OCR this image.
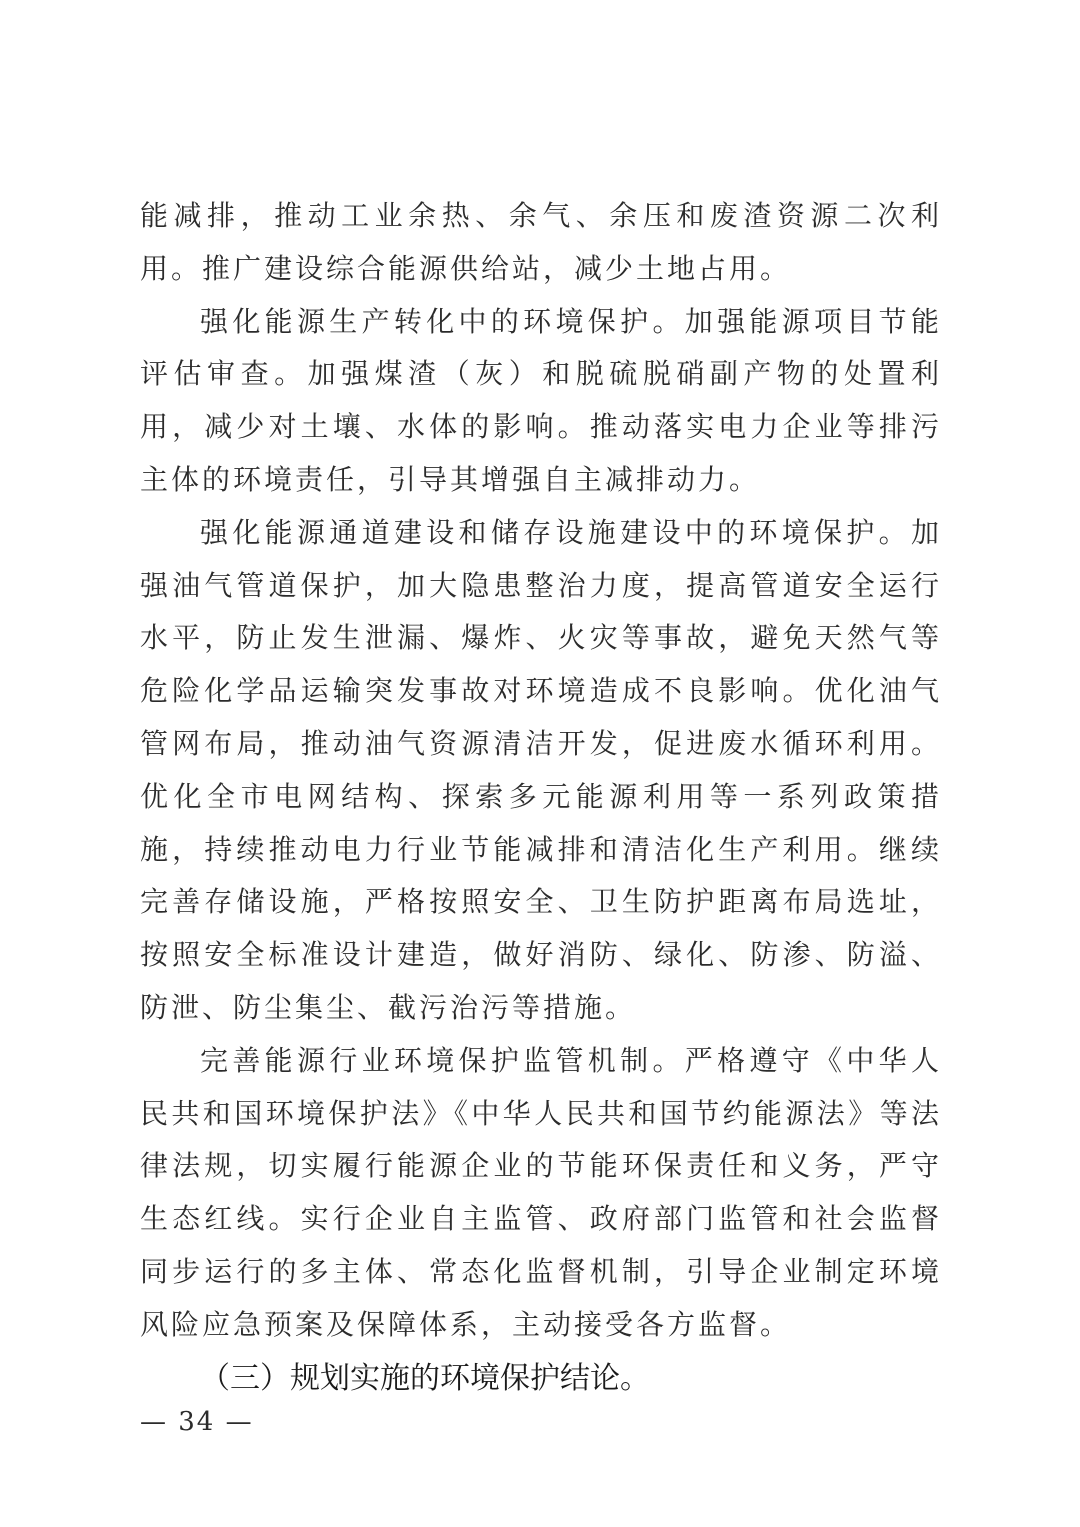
能减排，推动工业余热、余气、余压和废渣资源二次利用。推广建设综合能源供给站，减少土地占用。

强化能源生产转化中的环境保护。加强能源项目节能评估审查。加强煤渣（灰）和脱硫脱硝副产物的处置利用，减少对土壤、水体的影响。推动落实电力企业等排污主体的环境责任，引导其增强自主减排动力。

强化能源通道建设和储存设施建设中的环境保护。加强油气管道保护，加大隐患整治力度，提高管道安全运行水平，防止发生泄漏、爆炸、火灾等事故，避免天然气等危险化学品运输突发事故对环境造成不良影响。优化油气管网布局，推动油气资源清洁开发，促进废水循环利用。优化全市电网结构、探索多元能源利用等一系列政策措施，持续推动电力行业节能减排和清洁化生产利用。继续完善存储设施，严格按照安全、卫生防护距离布局选址，按照安全标准设计建造，做好消防、绿化、防渗、防溢、防泄、防尘集尘、截污治污等措施。

完善能源行业环境保护监管机制。严格遵守《中华人民共和国环境保护法》《中华人民共和国节约能源法》等法律法规，切实履行能源企业的节能环保责任和义务，严守生态红线。实行企业自主监管、政府部门监管和社会监督同步运行的多主体、常态化监督机制，引导企业制定环境风险应急预案及保障体系，主动接受各方监督。

（三）规划实施的环境保护结论。

— 34 —
